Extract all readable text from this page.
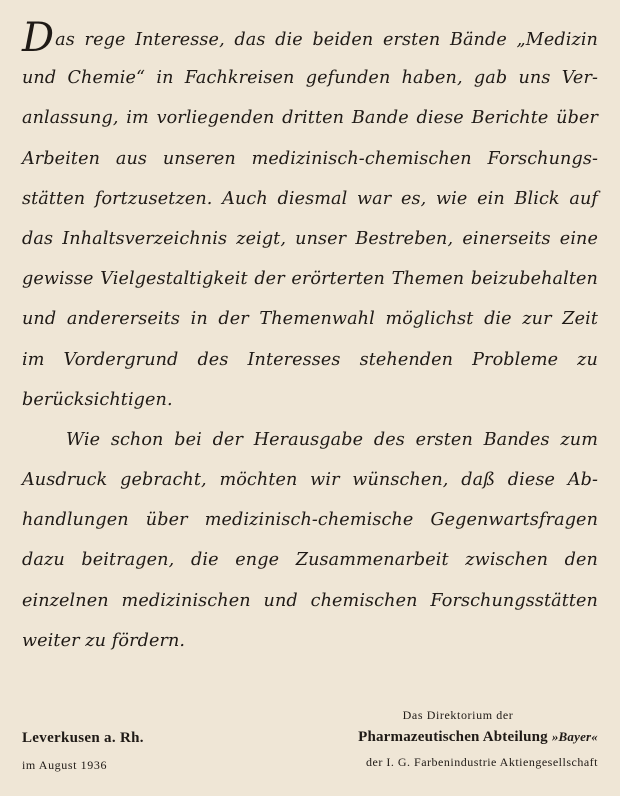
Das rege Interesse, das die beiden ersten Bände „Medizin
und Chemie“ in Fachkreisen gefunden haben, gab uns Ver-
anlassung, im vorliegenden dritten Bande diese Berichte über
Arbeiten aus unseren medizinisch-chemischen Forschungs-
stätten fortzusetzen. Auch diesmal war es, wie ein Blick auf
das Inhaltsverzeichnis zeigt, unser Bestreben, einerseits eine
gewisse Vielgestaltigkeit der erörterten Themen beizubehalten
und andererseits in der Themenwahl möglichst die zur Zeit
im Vordergrund des Interesses stehenden Probleme zu
berücksichtigen.
Wie schon bei der Herausgabe des ersten Bandes zum
Ausdruck gebracht, möchten wir wünschen, daß diese Ab-
handlungen über medizinisch-chemische Gegenwartsfragen
dazu beitragen, die enge Zusammenarbeit zwischen den
einzelnen medizinischen und chemischen Forschungsstätten
weiter zu fördern.
Leverkusen a. Rh.
im August 1936
Das Direktorium der
Pharmazeutischen Abteilung »Bayer«
der I. G. Farbenindustrie Aktiengesellschaft
